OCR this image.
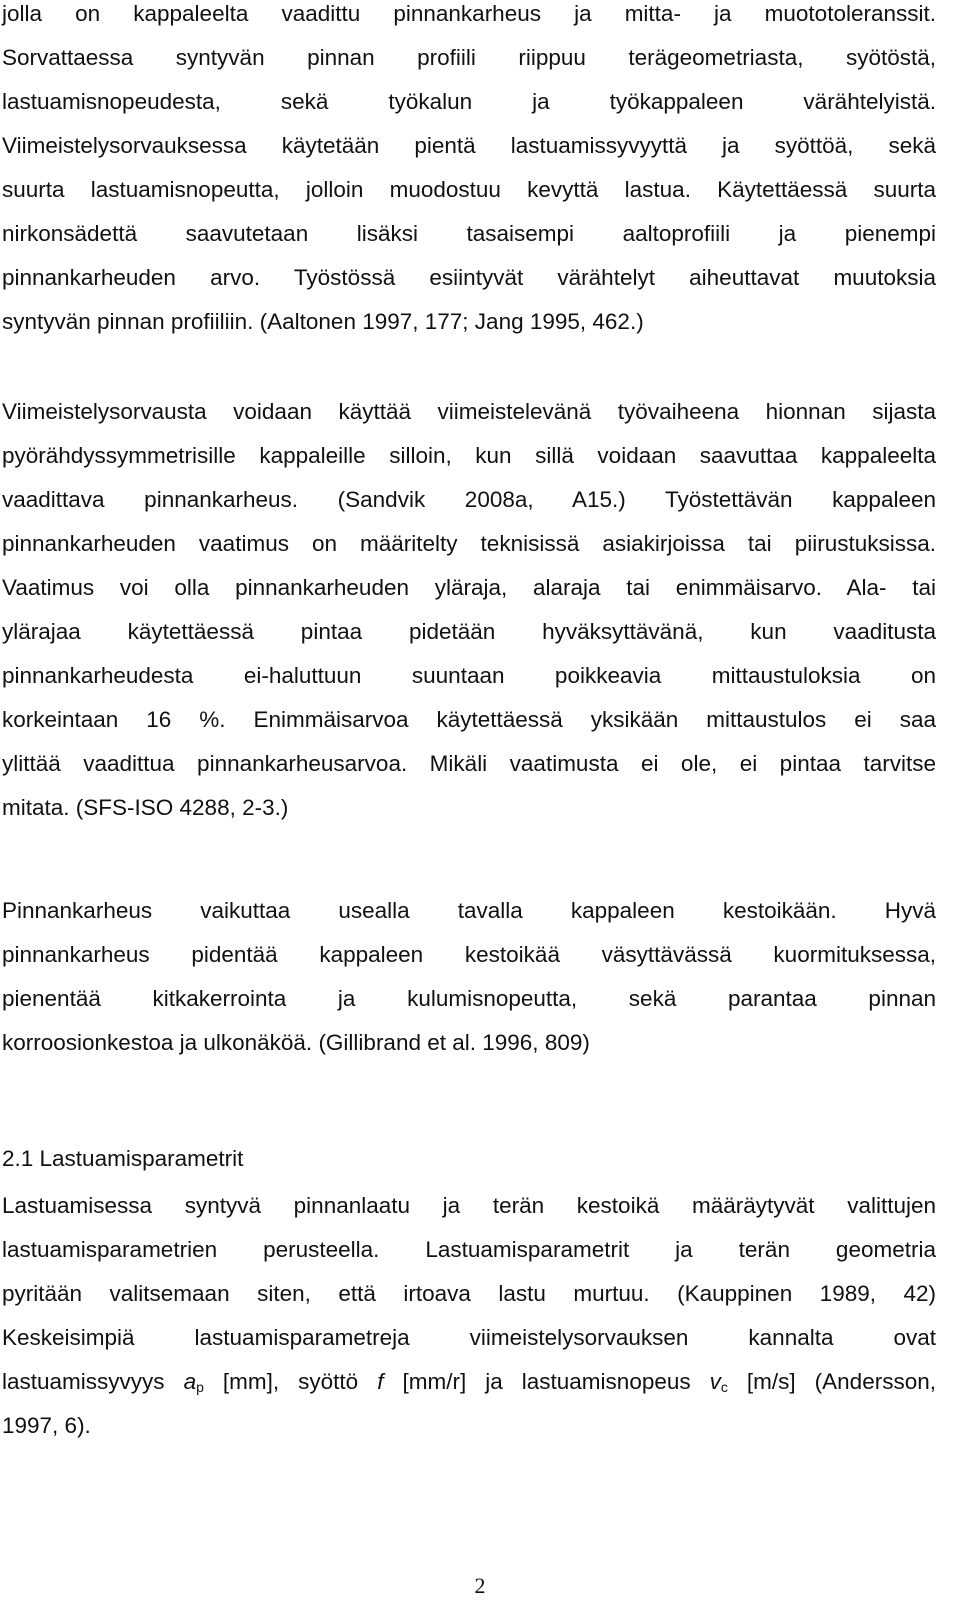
jolla on kappaleelta vaadittu pinnankarheus ja mitta- ja muototoleranssit.

Sorvattaessa syntyvän pinnan profiili riippuu terägeometriasta, syötöstä,

lastuamisnopeudesta, sekä työkalun ja työkappaleen värähtelyistä.

Viimeistelysorvauksessa käytetään pientä lastuamissyvyyttä ja syöttöä, sekä

suurta lastuamisnopeutta, jolloin muodostuu kevyttä lastua. Käytettäessä suurta

nirkonsädettä saavutetaan lisäksi tasaisempi aaltoprofiili ja pienempi

pinnankarheuden arvo. Työstössä esiintyvät värähtelyt aiheuttavat muutoksia

syntyvän pinnan profiiliin. (Aaltonen 1997, 177; Jang 1995, 462.)

Viimeistelysorvausta voidaan käyttää viimeistelevänä työvaiheena hionnan sijasta

pyörähdyssymmetrisille kappaleille silloin, kun sillä voidaan saavuttaa kappaleelta

vaadittava pinnankarheus. (Sandvik 2008a, A15.) Työstettävän kappaleen

pinnankarheuden vaatimus on määritelty teknisissä asiakirjoissa tai piirustuksissa.

Vaatimus voi olla pinnankarheuden yläraja, alaraja tai enimmäisarvo. Ala- tai

ylärajaa käytettäessä pintaa pidetään hyväksyttävänä, kun vaaditusta

pinnankarheudesta ei-haluttuun suuntaan poikkeavia mittaustuloksia on

korkeintaan 16 %. Enimmäisarvoa käytettäessä yksikään mittaustulos ei saa

ylittää vaadittua pinnankarheusarvoa. Mikäli vaatimusta ei ole, ei pintaa tarvitse

mitata. (SFS-ISO 4288, 2-3.)

Pinnankarheus vaikuttaa usealla tavalla kappaleen kestoikään. Hyvä

pinnankarheus pidentää kappaleen kestoikää väsyttävässä kuormituksessa,

pienentää kitkakerrointa ja kulumisnopeutta, sekä parantaa pinnan

korroosionkestoa ja ulkonäköä. (Gillibrand et al. 1996, 809)

2.1 Lastuamisparametrit

Lastuamisessa syntyvä pinnanlaatu ja terän kestoikä määräytyvät valittujen

lastuamisparametrien perusteella. Lastuamisparametrit ja terän geometria

pyritään valitsemaan siten, että irtoava lastu murtuu. (Kauppinen 1989, 42)

Keskeisimpiä lastuamisparametreja viimeistelysorvauksen kannalta ovat

lastuamissyvyys $a_p$ [mm], syöttö f [mm/r] ja lastuamisnopeus $v_c$ [m/s] (Andersson,

1997, 6).

2
